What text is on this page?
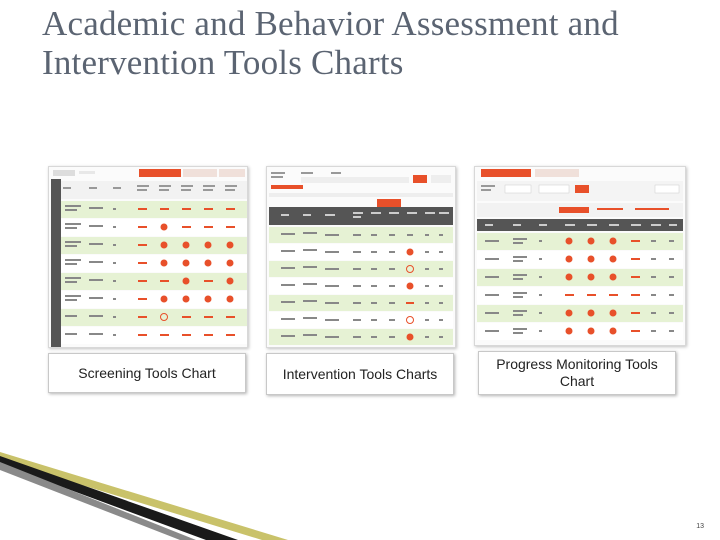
Academic and Behavior Assessment and Intervention Tools Charts
Screening Tools Chart	Intervention Tools Charts
Progress Monitoring Tools Chart
13
